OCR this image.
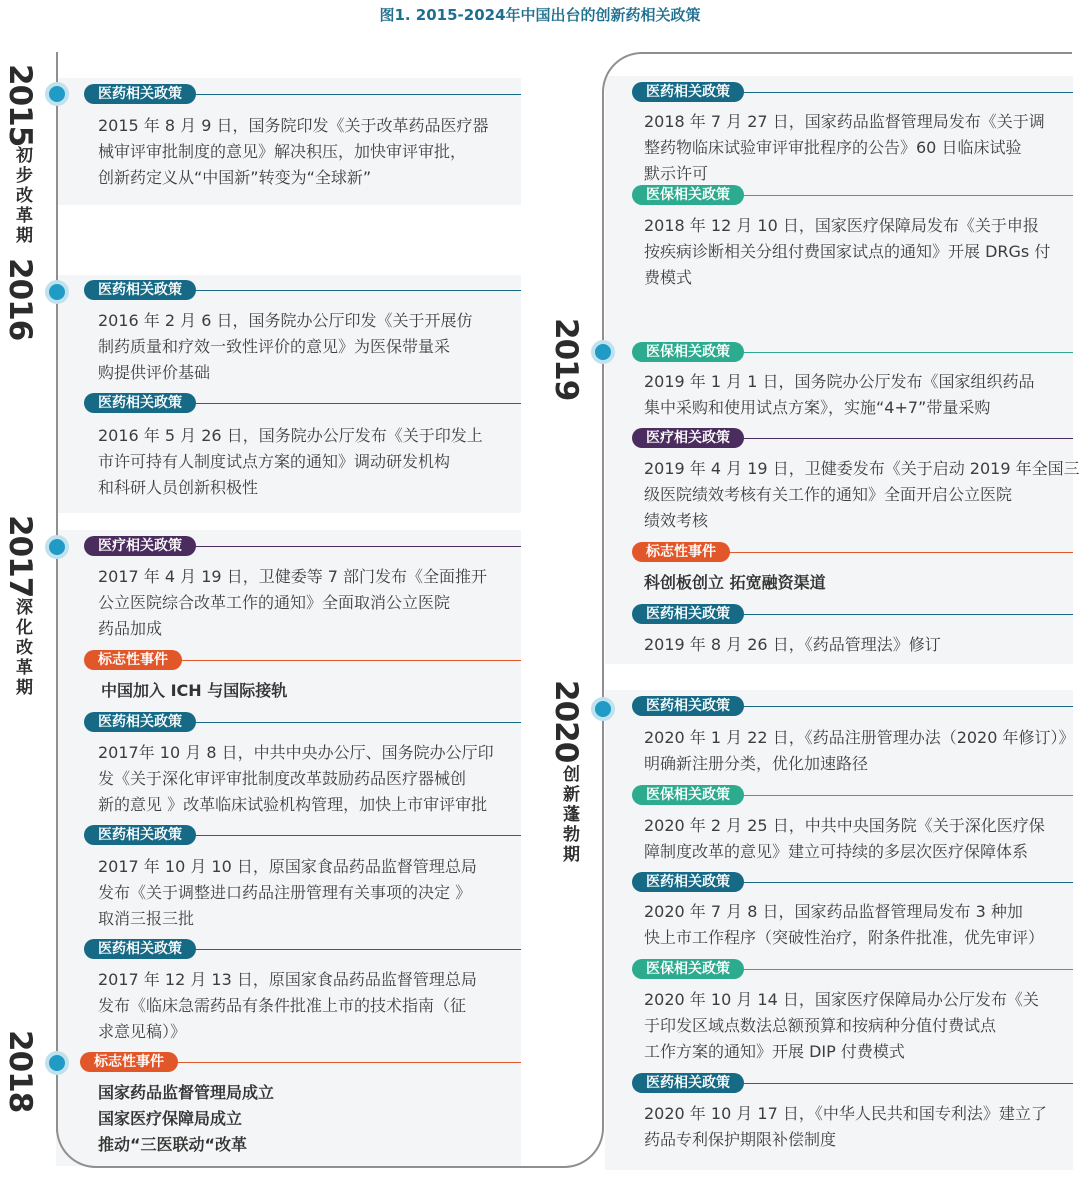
图1. 2015-2024年中国出台的创新药相关政策
2015
初步改革期
2016
2017
深化改革期
2018
2019
2020
创新蓬勃期
医药相关政策
2015 年 8 月 9 日，国务院印发《关于改革药品医疗器
械审评审批制度的意见》解决积压，加快审评审批，
创新药定义从“中国新”转变为“全球新”
医药相关政策
2016 年 2 月 6 日，国务院办公厅印发《关于开展仿
制药质量和疗效一致性评价的意见》为医保带量采
购提供评价基础
医药相关政策
2016 年 5 月 26 日，国务院办公厅发布《关于印发上
市许可持有人制度试点方案的通知》调动研发机构
和科研人员创新积极性
医疗相关政策
2017 年 4 月 19 日，卫健委等 7 部门发布《全面推开
公立医院综合改革工作的通知》全面取消公立医院
药品加成
标志性事件
中国加入 ICH 与国际接轨
医药相关政策
2017年 10 月 8 日，中共中央办公厅、国务院办公厅印
发《关于深化审评审批制度改革鼓励药品医疗器械创
新的意见 》改革临床试验机构管理，加快上市审评审批
医药相关政策
2017 年 10 月 10 日，原国家食品药品监督管理总局
发布《关于调整进口药品注册管理有关事项的决定 》
取消三报三批
医药相关政策
2017 年 12 月 13 日，原国家食品药品监督管理总局
发布《临床急需药品有条件批准上市的技术指南（征
求意见稿）》
标志性事件
国家药品监督管理局成立
国家医疗保障局成立
推动“三医联动“改革
医药相关政策
2018 年 7 月 27 日，国家药品监督管理局发布《关于调
整药物临床试验审评审批程序的公告》60 日临床试验
默示许可
医保相关政策
2018 年 12 月 10 日，国家医疗保障局发布《关于申报
按疾病诊断相关分组付费国家试点的通知》开展 DRGs 付
费模式
医保相关政策
2019 年 1 月 1 日，国务院办公厅发布《国家组织药品
集中采购和使用试点方案》，实施“4+7”带量采购
医疗相关政策
2019 年 4 月 19 日，卫健委发布《关于启动 2019 年全国三
级医院绩效考核有关工作的通知》全面开启公立医院
绩效考核
标志性事件
科创板创立 拓宽融资渠道
医药相关政策
2019 年 8 月 26 日，《药品管理法》修订
医药相关政策
2020 年 1 月 22 日，《药品注册管理办法（2020 年修订）》
明确新注册分类，优化加速路径
医保相关政策
2020 年 2 月 25 日，中共中央国务院《关于深化医疗保
障制度改革的意见》建立可持续的多层次医疗保障体系
医药相关政策
2020 年 7 月 8 日，国家药品监督管理局发布 3 种加
快上市工作程序（突破性治疗，附条件批准，优先审评）
医保相关政策
2020 年 10 月 14 日，国家医疗保障局办公厅发布《关
于印发区域点数法总额预算和按病种分值付费试点
工作方案的通知》开展 DIP 付费模式
医药相关政策
2020 年 10 月 17 日，《中华人民共和国专利法》建立了
药品专利保护期限补偿制度
